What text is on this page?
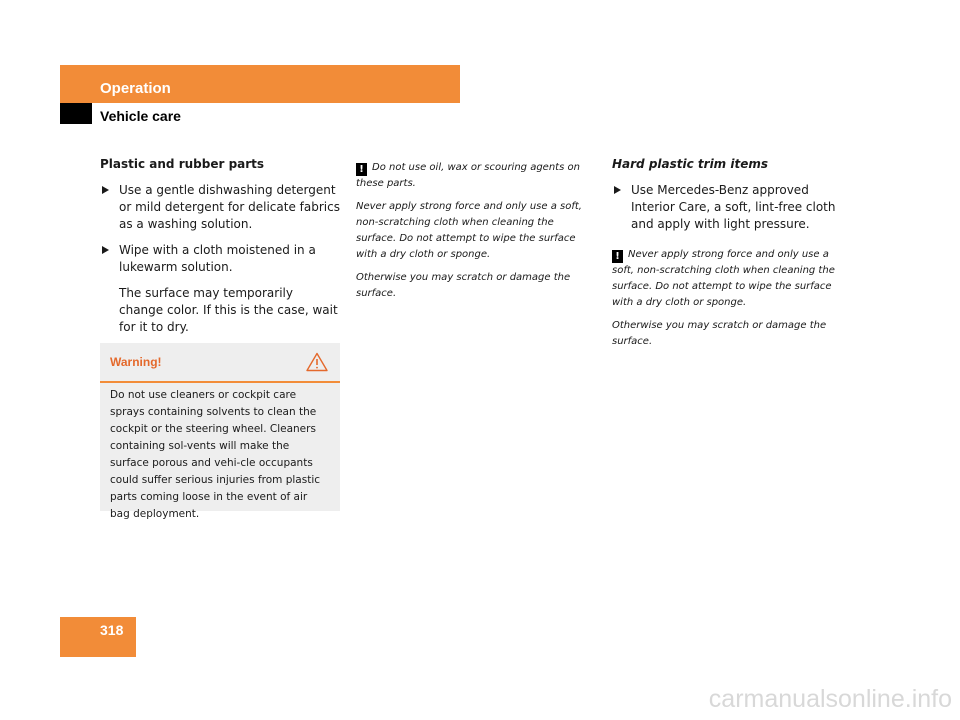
Operation
Vehicle care

Plastic and rubber parts

Use a gentle dishwashing detergent or mild detergent for delicate fabrics as a washing solution.
Wipe with a cloth moistened in a lukewarm solution.

The surface may temporarily change color. If this is the case, wait for it to dry.

Warning!
Do not use cleaners or cockpit care sprays containing solvents to clean the cockpit or the steering wheel. Cleaners containing sol-vents will make the surface porous and vehi-cle occupants could suffer serious injuries from plastic parts coming loose in the event of air bag deployment.

! Do not use oil, wax or scouring agents on these parts.

Never apply strong force and only use a soft, non-scratching cloth when cleaning the surface. Do not attempt to wipe the surface with a dry cloth or sponge.

Otherwise you may scratch or damage the surface.

Hard plastic trim items

Use Mercedes-Benz approved Interior Care, a soft, lint-free cloth and apply with light pressure.

! Never apply strong force and only use a soft, non-scratching cloth when cleaning the surface. Do not attempt to wipe the surface with a dry cloth or sponge.

Otherwise you may scratch or damage the surface.

318
carmanualsonline.info
